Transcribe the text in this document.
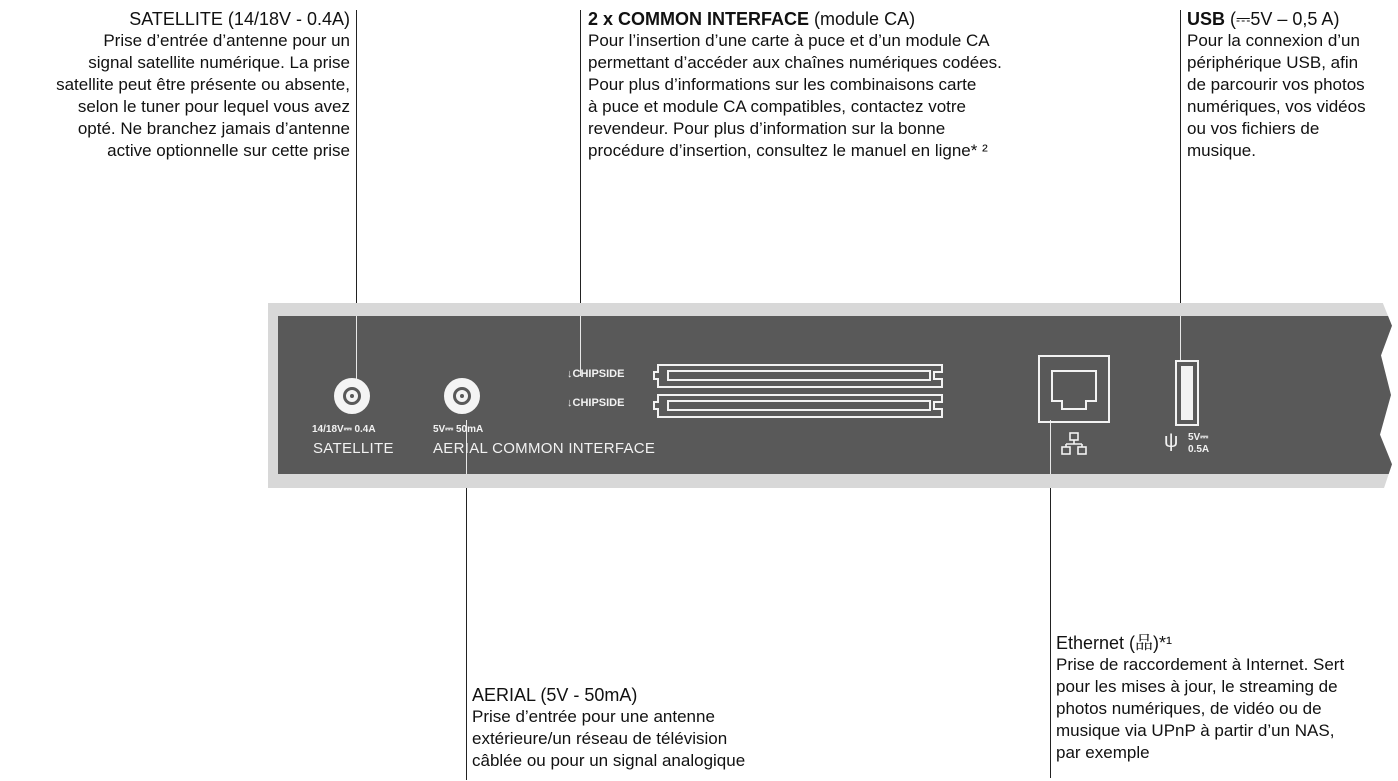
SATELLITE (14/18V - 0.4A)

Prise d’entrée d’antenne pour un
signal satellite numérique. La prise
satellite peut être présente ou absente,
selon le tuner pour lequel vous avez
opté. Ne branchez jamais d’antenne
active optionnelle sur cette prise

2 x COMMON INTERFACE (module CA)

Pour l’insertion d’une carte à puce et d’un module CA
permettant d’accéder aux chaînes numériques codées.
Pour plus d’informations sur les combinaisons carte
à puce et module CA compatibles, contactez votre
revendeur. Pour plus d’information sur la bonne
procédure d’insertion, consultez le manuel en ligne* ²

USB (⎓5V – 0,5 A)

Pour la connexion d’un
périphérique USB, afin
de parcourir vos photos
numériques, vos vidéos
ou vos fichiers de
musique.

AERIAL (5V - 50mA)

Prise d’entrée pour une antenne
extérieure/un réseau de télévision
câblée ou pour un signal analogique

Ethernet (品)*¹

Prise de raccordement à Internet. Sert
pour les mises à jour, le streaming de
photos numériques, de vidéo ou de
musique via UPnP à partir d’un NAS,
par exemple

14/18V⎓ 0.4A
SATELLITE
5V⎓ 50mA
AERIAL COMMON INTERFACE
↓CHIPSIDE
↓CHIPSIDE
ψ 5V⎓
0.5A
